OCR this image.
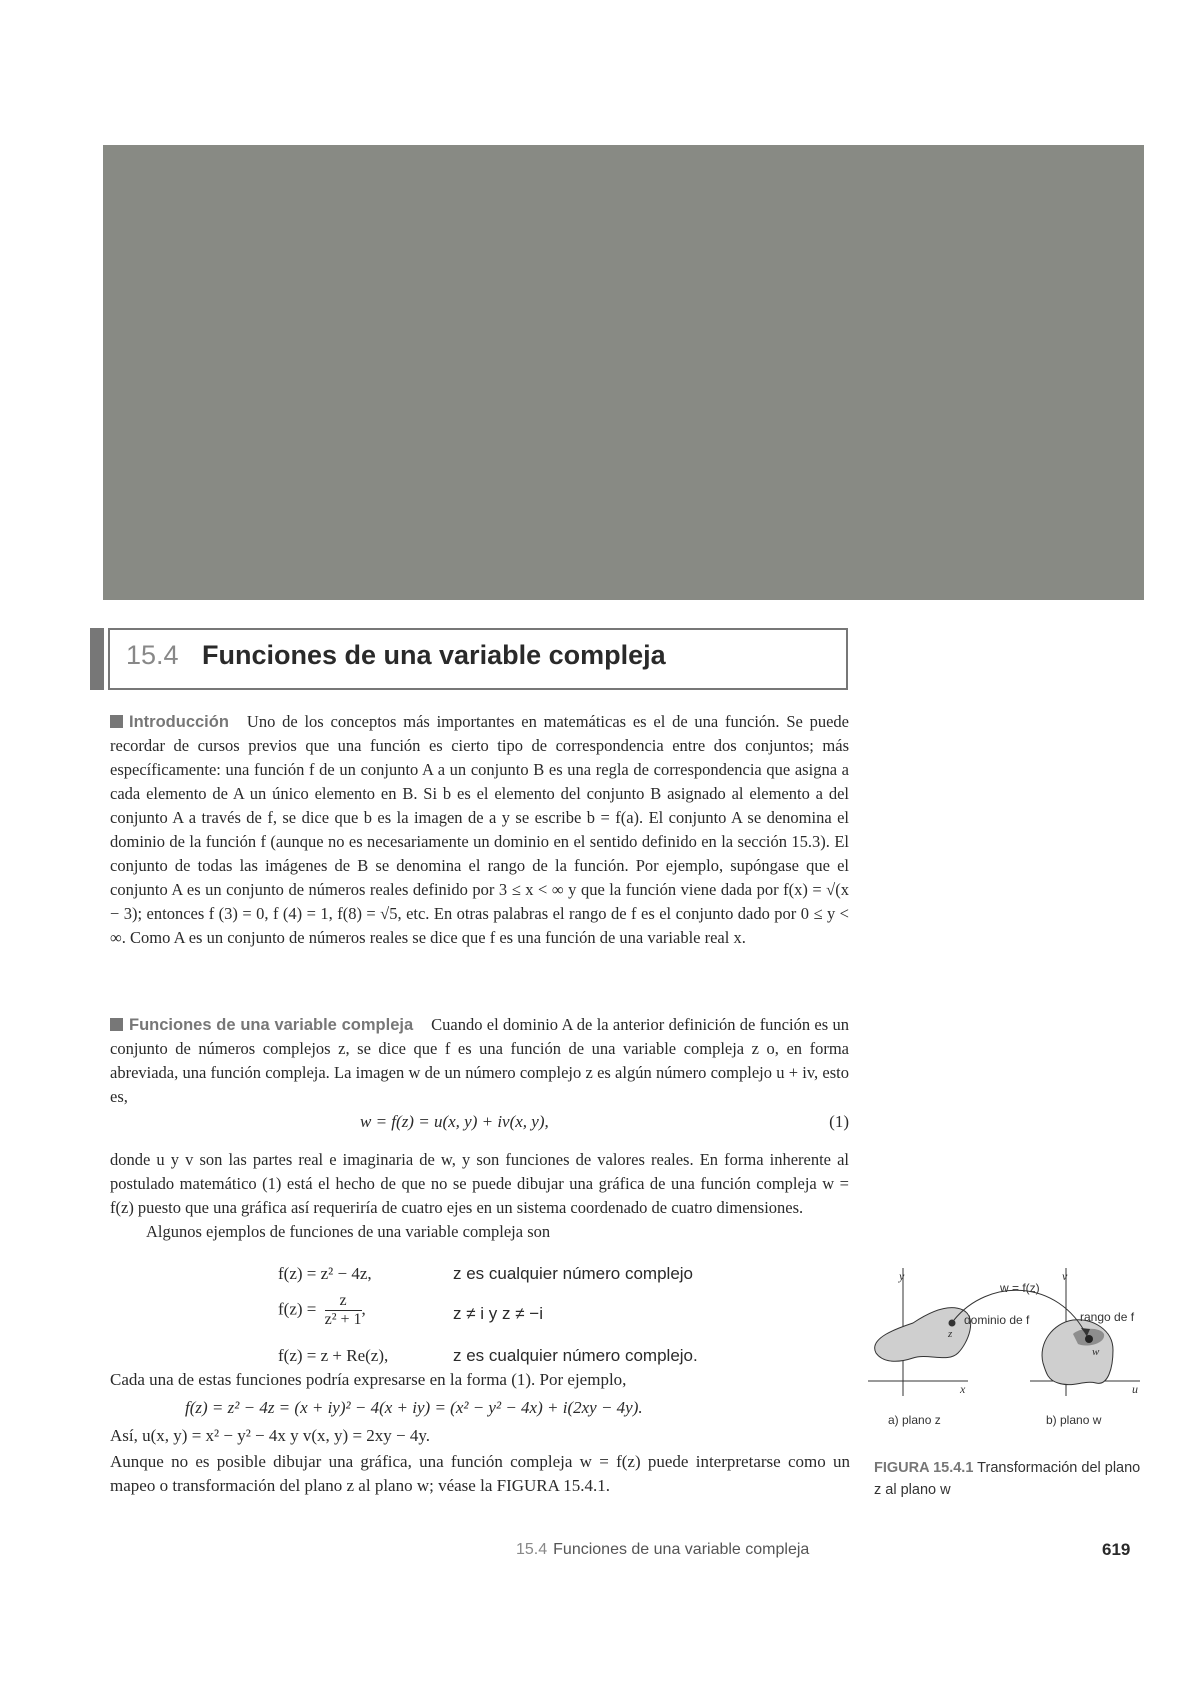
15.4 Funciones de una variable compleja
Introducción Uno de los conceptos más importantes en matemáticas es el de una función. Se puede recordar de cursos previos que una función es cierto tipo de correspondencia entre dos conjuntos; más específicamente: una función f de un conjunto A a un conjunto B es una regla de correspondencia que asigna a cada elemento de A un único elemento en B. Si b es el elemento del conjunto B asignado al elemento a del conjunto A a través de f, se dice que b es la imagen de a y se escribe b = f(a). El conjunto A se denomina el dominio de la función f (aunque no es necesariamente un dominio en el sentido definido en la sección 15.3). El conjunto de todas las imágenes de B se denomina el rango de la función. Por ejemplo, supóngase que el conjunto A es un conjunto de números reales definido por 3 ≤ x < ∞ y que la función viene dada por f(x) = √(x − 3); entonces f (3) = 0, f (4) = 1, f(8) = √5, etc. En otras palabras el rango de f es el conjunto dado por 0 ≤ y < ∞. Como A es un conjunto de números reales se dice que f es una función de una variable real x.
Funciones de una variable compleja Cuando el dominio A de la anterior definición de función es un conjunto de números complejos z, se dice que f es una función de una variable compleja z o, en forma abreviada, una función compleja. La imagen w de un número complejo z es algún número complejo u + iv, esto es,
w = f(z) = u(x, y) + iv(x, y),	(1)
donde u y v son las partes real e imaginaria de w, y son funciones de valores reales. En forma inherente al postulado matemático (1) está el hecho de que no se puede dibujar una gráfica de una función compleja w = f(z) puesto que una gráfica así requeriría de cuatro ejes en un sistema coordenado de cuatro dimensiones.
Algunos ejemplos de funciones de una variable compleja son
f(z) = z² − 4z,	z es cualquier número complejo
$f(z) = \frac{z}{\text{z² + 1}}$ ,	z ≠ i y z ≠ −i
f(z) = z + Re(z),	z es cualquier número complejo.
Cada una de estas funciones podría expresarse en la forma (1). Por ejemplo,
f(z) = z² − 4z = (x + iy)² − 4(x + iy) = (x² − y² − 4x) + i(2xy − 4y).
Así, u(x, y) = x² − y² − 4x y v(x, y) = 2xy − 4y.
Aunque no es posible dibujar una gráfica, una función compleja w = f(z) puede interpretarse como un mapeo o transformación del plano z al plano w; véase la FIGURA 15.4.1.
y
x
z
dominio de f
v
u
w
w = f(z)
rango de f
a) plano z	b) plano w
FIGURA 15.4.1 Transformación del plano z al plano w
15.4 Funciones de una variable compleja	619
